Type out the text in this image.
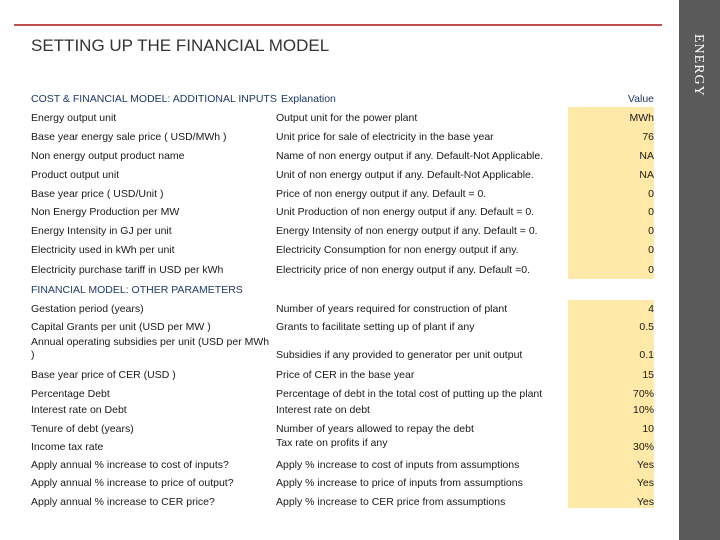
ENERGY
SETTING UP THE FINANCIAL MODEL
COST & FINANCIAL MODEL: ADDITIONAL INPUTS Explanation	Value
FINANCIAL MODEL: OTHER PARAMETERS
Energy output unit	Output unit for the power plant	MWh
Base year energy sale price ( USD/MWh )	Unit price for sale of electricity in the base year	76
Non energy output product name	Name of non energy output if any. Default-Not Applicable.	NA
Product output unit	Unit of non energy output if any. Default-Not Applicable.	NA
Base year price ( USD/Unit )	Price of non energy output if any. Default = 0.	0
Non Energy Production per MW	Unit Production of non energy output if any. Default = 0.	0
Energy Intensity in GJ per unit	Energy Intensity of non energy output if any. Default = 0.	0
Electricity used in kWh per unit	Electricity Consumption for non energy output if any.	0
Electricity purchase tariff in USD per kWh	Electricity price of non energy output if any. Default =0.	0
Gestation period (years)	Number of years required for construction of plant	4
Capital Grants per unit (USD per MW )	Grants to facilitate setting up of plant if any	0.5
Annual operating subsidies per unit (USD per MWh )	Subsidies if any provided to generator per unit output	0.1
Base year price of CER (USD )	Price of CER in the base year	15
Percentage Debt	Percentage of debt in the total cost of putting up the plant	70%
Interest rate on Debt	Interest rate on debt	10%
Tenure of debt (years)	Number of years allowed to repay the debt	10
Income tax rate	Tax rate on profits if any	30%
Apply annual % increase to cost of inputs?	Apply % increase to cost of inputs from assumptions	Yes
Apply annual % increase to price of output?	Apply % increase to price of inputs from assumptions	Yes
Apply annual % increase to CER price?	Apply % increase to CER price from assumptions	Yes
